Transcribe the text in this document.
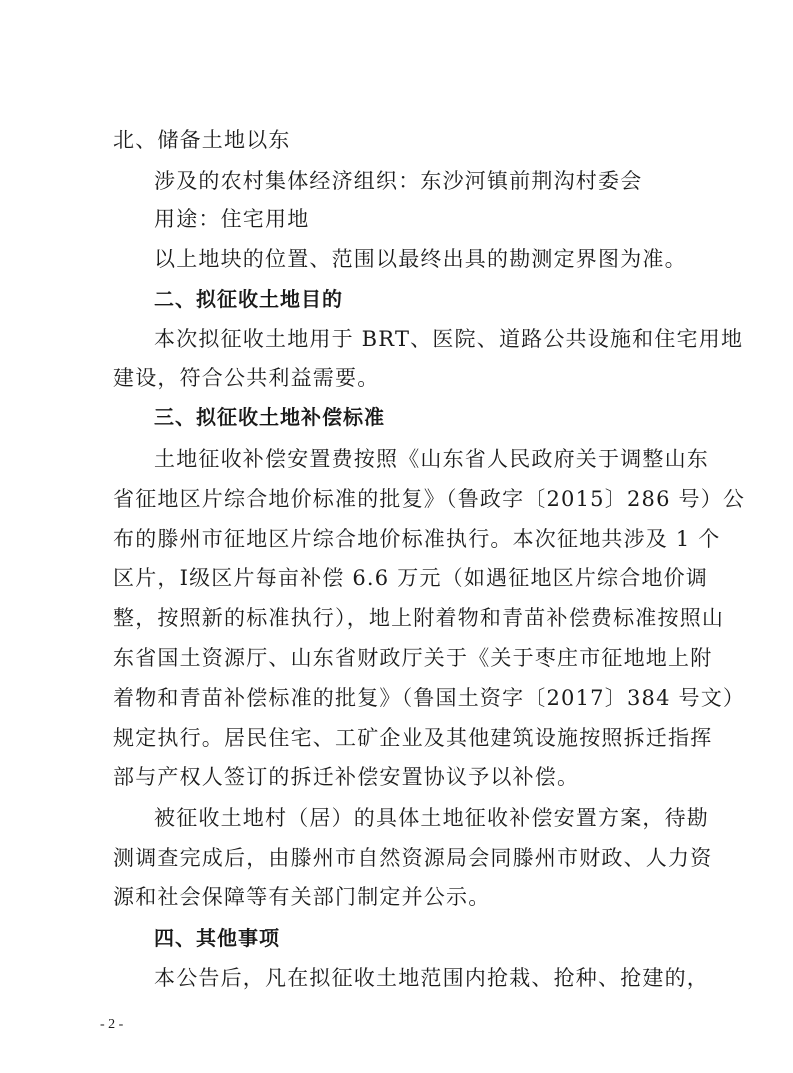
北、储备土地以东
涉及的农村集体经济组织：东沙河镇前荆沟村委会
用途：住宅用地
以上地块的位置、范围以最终出具的勘测定界图为准。
二、拟征收土地目的
本次拟征收土地用于 BRT、医院、道路公共设施和住宅用地
建设，符合公共利益需要。
三、拟征收土地补偿标准
土地征收补偿安置费按照《山东省人民政府关于调整山东
省征地区片综合地价标准的批复》（鲁政字〔2015〕286 号）公
布的滕州市征地区片综合地价标准执行。本次征地共涉及 1 个
区片，Ⅰ级区片每亩补偿 6.6 万元（如遇征地区片综合地价调
整，按照新的标准执行），地上附着物和青苗补偿费标准按照山
东省国土资源厅、山东省财政厅关于《关于枣庄市征地地上附
着物和青苗补偿标准的批复》（鲁国土资字〔2017〕384 号文）
规定执行。居民住宅、工矿企业及其他建筑设施按照拆迁指挥
部与产权人签订的拆迁补偿安置协议予以补偿。
被征收土地村（居）的具体土地征收补偿安置方案，待勘
测调查完成后，由滕州市自然资源局会同滕州市财政、人力资
源和社会保障等有关部门制定并公示。
四、其他事项
本公告后，凡在拟征收土地范围内抢栽、抢种、抢建的，
- 2 -
